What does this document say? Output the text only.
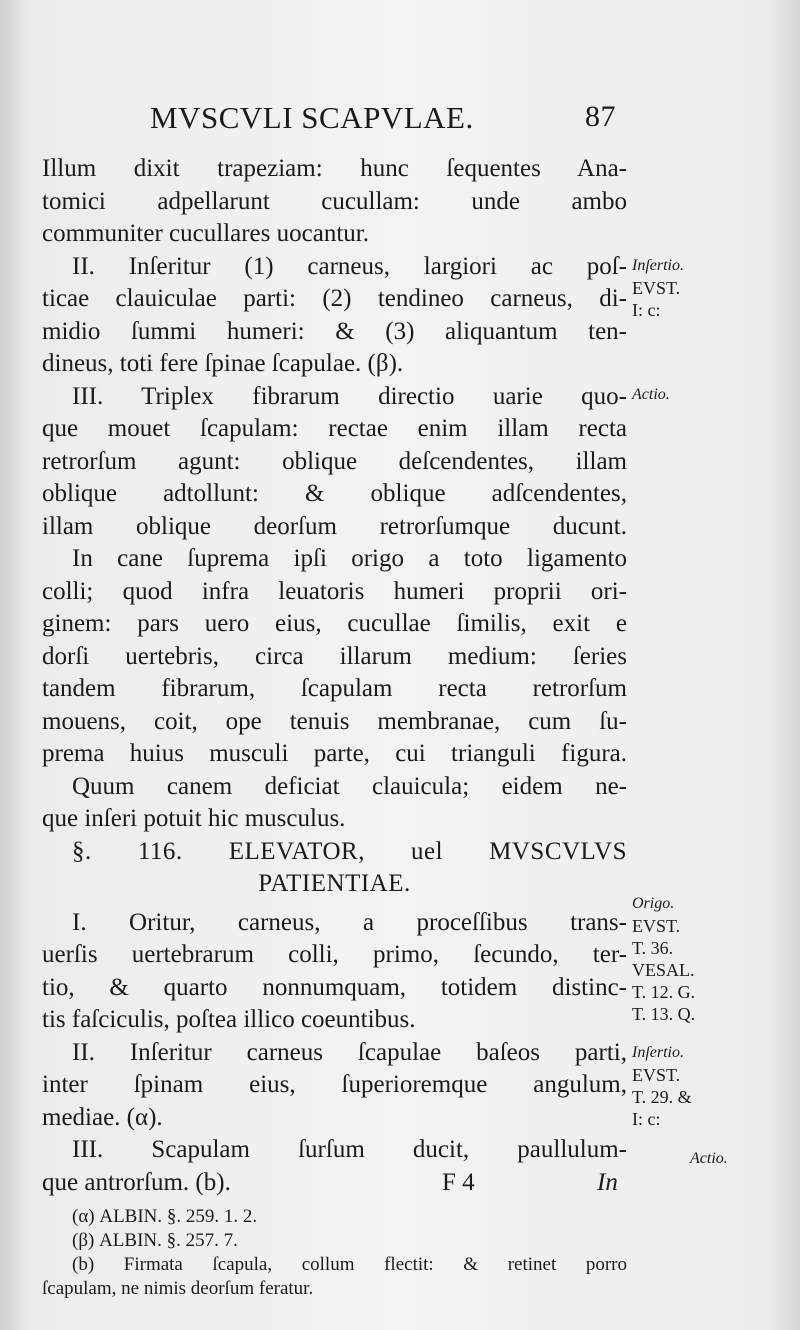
MVSCVLI SCAPVLAE.	87
Illum dixit trapeziam: hunc ſequentes Ana-
tomici adpellarunt cucullam: unde ambo
communiter cucullares uocantur.
II. Inſeritur (1) carneus, largiori ac poſ-
ticae clauiculae parti: (2) tendineo carneus, di-
midio ſummi humeri: & (3) aliquantum ten-
dineus, toti fere ſpinae ſcapulae. (β).
III. Triplex fibrarum directio uarie quo-
que mouet ſcapulam: rectae enim illam recta
retrorſum agunt: oblique deſcendentes, illam
oblique adtollunt: & oblique adſcendentes,
illam oblique deorſum retrorſumque ducunt.
In cane ſuprema ipſi origo a toto ligamento
colli; quod infra leuatoris humeri proprii ori-
ginem: pars uero eius, cucullae ſimilis, exit e
dorſi uertebris, circa illarum medium: ſeries
tandem fibrarum, ſcapulam recta retrorſum
mouens, coit, ope tenuis membranae, cum ſu-
prema huius musculi parte, cui trianguli figura.
Quum canem deficiat clauicula; eidem ne-
que inſeri potuit hic musculus.
§. 116. ELEVATOR, uel MVSCVLVS
PATIENTIAE.
I. Oritur, carneus, a proceſſibus trans-
uerſis uertebrarum colli, primo, ſecundo, ter-
tio, & quarto nonnumquam, totidem distinc-
tis faſciculis, poſtea illico coeuntibus.
II. Inſeritur carneus ſcapulae baſeos parti,
inter ſpinam eius, ſuperioremque angulum,
mediae. (α).
III. Scapulam ſurſum ducit, paullulum-
que antrorſum. (b).	F 4	In
(α) ALBIN. §. 259. 1. 2.
(β) ALBIN. §. 257. 7.
(b) Firmata ſcapula, collum flectit: & retinet porro
ſcapulam, ne nimis deorſum feratur.
Inſertio.
EVST.
I: c:
Actio.
Origo.
EVST.
T. 36.
VESAL.
T. 12. G.
T. 13. Q.
Inſertio.
EVST.
T. 29. &
I: c:
Actio.
